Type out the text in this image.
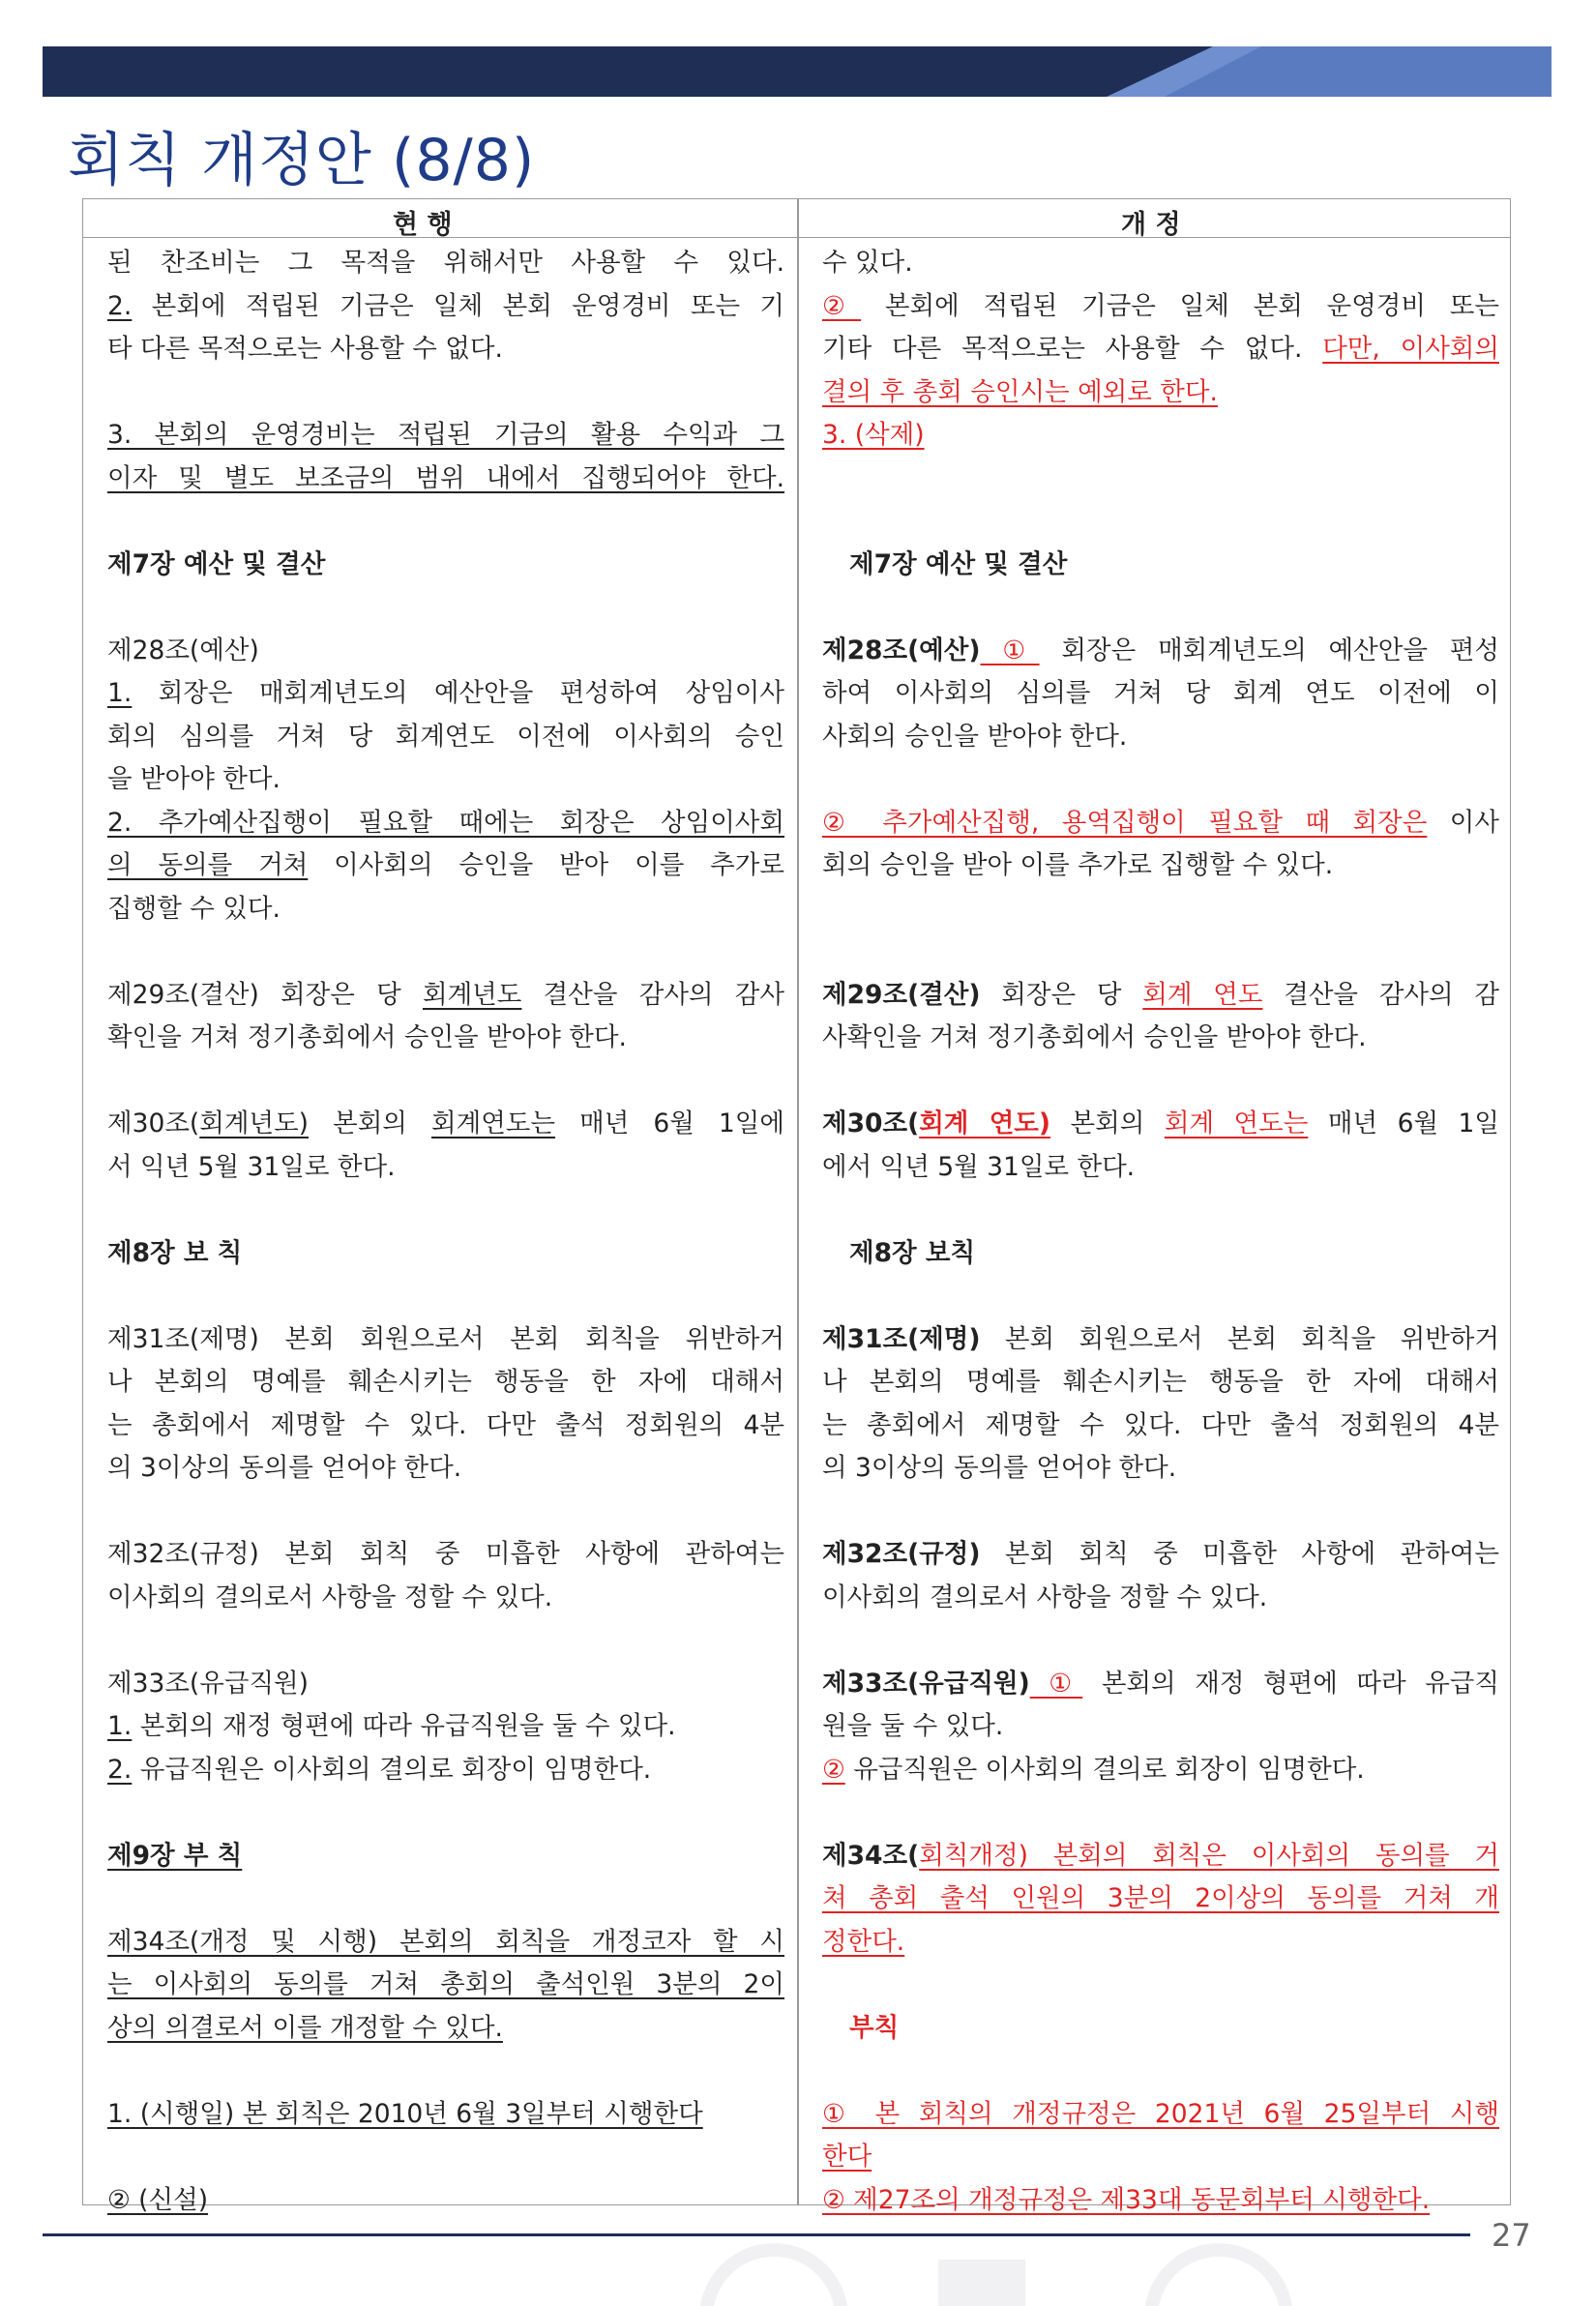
회칙 개정안 (8/8)
현 행	개 정
된 찬조비는 그 목적을 위해서만 사용할 수 있다.
2. 본회에 적립된 기금은 일체 본회 운영경비 또는 기
타 다른 목적으로는 사용할 수 없다.
3. 본회의 운영경비는 적립된 기금의 활용 수익과 그
이자 및 별도 보조금의 범위 내에서 집행되어야 한다.
제7장 예산 및 결산
제28조(예산)
1. 회장은 매회계년도의 예산안을 편성하여 상임이사
회의 심의를 거쳐 당 회계연도 이전에 이사회의 승인
을 받아야 한다.
2. 추가예산집행이 필요할 때에는 회장은 상임이사회
의 동의를 거쳐 이사회의 승인을 받아 이를 추가로
집행할 수 있다.
제29조(결산) 회장은 당 회계년도 결산을 감사의 감사
확인을 거쳐 정기총회에서 승인을 받아야 한다.
제30조(회계년도) 본회의 회계연도는 매년 6월 1일에
서 익년 5월 31일로 한다.
제8장 보 칙
제31조(제명) 본회 회원으로서 본회 회칙을 위반하거
나 본회의 명예를 훼손시키는 행동을 한 자에 대해서
는 총회에서 제명할 수 있다. 다만 출석 정회원의 4분
의 3이상의 동의를 얻어야 한다.
제32조(규정) 본회 회칙 중 미흡한 사항에 관하여는
이사회의 결의로서 사항을 정할 수 있다.
제33조(유급직원)
1. 본회의 재정 형편에 따라 유급직원을 둘 수 있다.
2. 유급직원은 이사회의 결의로 회장이 임명한다.
제9장 부 칙
제34조(개정 및 시행) 본회의 회칙을 개정코자 할 시
는 이사회의 동의를 거쳐 총회의 출석인원 3분의 2이
상의 의결로서 이를 개정할 수 있다.
1. (시행일) 본 회칙은 2010년 6월 3일부터 시행한다
② (신설)
수 있다.
② 본회에 적립된 기금은 일체 본회 운영경비 또는
기타 다른 목적으로는 사용할 수 없다. 다만, 이사회의
결의 후 총회 승인시는 예외로 한다.
3. (삭제)
제7장 예산 및 결산
제28조(예산) ① 회장은 매회계년도의 예산안을 편성
하여 이사회의 심의를 거쳐 당 회계 연도 이전에 이
사회의 승인을 받아야 한다.
② 추가예산집행, 용역집행이 필요할 때 회장은 이사
회의 승인을 받아 이를 추가로 집행할 수 있다.
제29조(결산) 회장은 당 회계 연도 결산을 감사의 감
사확인을 거쳐 정기총회에서 승인을 받아야 한다.
제30조(회계 연도) 본회의 회계 연도는 매년 6월 1일
에서 익년 5월 31일로 한다.
제8장 보칙
제31조(제명) 본회 회원으로서 본회 회칙을 위반하거
나 본회의 명예를 훼손시키는 행동을 한 자에 대해서
는 총회에서 제명할 수 있다. 다만 출석 정회원의 4분
의 3이상의 동의를 얻어야 한다.
제32조(규정) 본회 회칙 중 미흡한 사항에 관하여는
이사회의 결의로서 사항을 정할 수 있다.
제33조(유급직원) ① 본회의 재정 형편에 따라 유급직
원을 둘 수 있다.
② 유급직원은 이사회의 결의로 회장이 임명한다.
제34조(회칙개정) 본회의 회칙은 이사회의 동의를 거
쳐 총회 출석 인원의 3분의 2이상의 동의를 거쳐 개
정한다.
부칙
① 본 회칙의 개정규정은 2021년 6월 25일부터 시행
한다
② 제27조의 개정규정은 제33대 동문회부터 시행한다.
27
